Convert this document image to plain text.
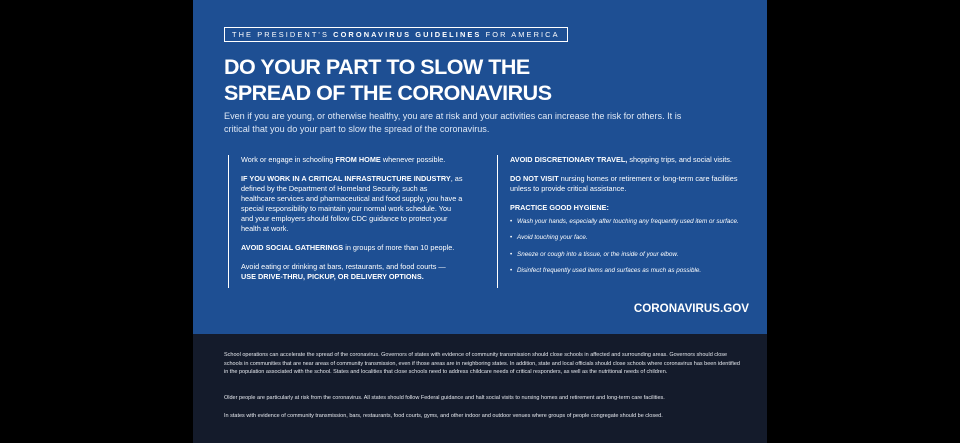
THE PRESIDENT'S CORONAVIRUS GUIDELINES FOR AMERICA
DO YOUR PART TO SLOW THE
SPREAD OF THE CORONAVIRUS

Even if you are young, or otherwise healthy, you are at risk and your activities can increase the risk for others. It is critical that you do your part to slow the spread of the coronavirus.

Work or engage in schooling FROM HOME whenever possible.

IF YOU WORK IN A CRITICAL INFRASTRUCTURE INDUSTRY, as defined by the Department of Homeland Security, such as healthcare services and pharmaceutical and food supply, you have a special responsibility to maintain your normal work schedule. You and your employers should follow CDC guidance to protect your health at work.

AVOID SOCIAL GATHERINGS in groups of more than 10 people.

Avoid eating or drinking at bars, restaurants, and food courts —
USE DRIVE-THRU, PICKUP, OR DELIVERY OPTIONS.

AVOID DISCRETIONARY TRAVEL, shopping trips, and social visits.

DO NOT VISIT nursing homes or retirement or long-term care facilities unless to provide critical assistance.

PRACTICE GOOD HYGIENE:

• Wash your hands, especially after touching any frequently used item or surface.
• Avoid touching your face.
• Sneeze or cough into a tissue, or the inside of your elbow.
• Disinfect frequently used items and surfaces as much as possible.
CORONAVIRUS.GOV

School operations can accelerate the spread of the coronavirus. Governors of states with evidence of community transmission should close schools in affected and surrounding areas. Governors should close schools in communities that are near areas of community transmission, even if those areas are in neighboring states. In addition, state and local officials should close schools where coronavirus has been identified in the population associated with the school. States and localities that close schools need to address childcare needs of critical responders, as well as the nutritional needs of children.

Older people are particularly at risk from the coronavirus. All states should follow Federal guidance and halt social visits to nursing homes and retirement and long-term care facilities.

In states with evidence of community transmission, bars, restaurants, food courts, gyms, and other indoor and outdoor venues where groups of people congregate should be closed.
